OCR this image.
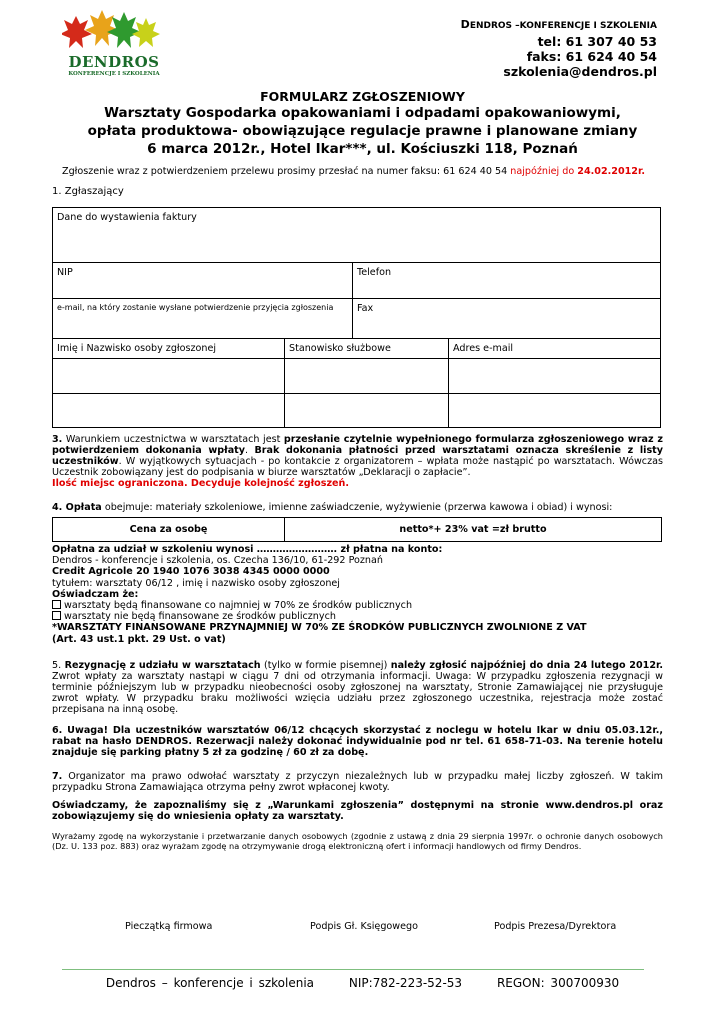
DENDROS
KONFERENCJE I SZKOLENIA
DENDROS –KONFERENCJE I SZKOLENIA
tel: 61 307 40 53
faks: 61 624 40 54
szkolenia@dendros.pl
FORMULARZ ZGŁOSZENIOWY
Warsztaty Gospodarka opakowaniami i odpadami opakowaniowymi,
opłata produktowa- obowiązujące regulacje prawne i planowane zmiany
6 marca 2012r., Hotel Ikar***, ul. Kościuszki 118, Poznań
Zgłoszenie wraz z potwierdzeniem przelewu prosimy przesłać na numer faksu: 61 624 40 54 najpóźniej do 24.02.2012r.
1. Zgłaszający
Dane do wystawienia faktury			
NIP		Telefon	
e-mail, na który zostanie wysłane potwierdzenie przyjęcia zgłoszenia		Fax	
Imię i Nazwisko osoby zgłoszonej	Stanowisko służbowe		Adres e-mail

3. Warunkiem uczestnictwa w warsztatach jest przesłanie czytelnie wypełnionego formularza zgłoszeniowego wraz z potwierdzeniem dokonania wpłaty. Brak dokonania płatności przed warsztatami oznacza skreślenie z listy uczestników. W wyjątkowych sytuacjach - po kontakcie z organizatorem – wpłata może nastąpić po warsztatach. Wówczas Uczestnik zobowiązany jest do podpisania w biurze warsztatów „Deklaracji o zapłacie”.
Ilość miejsc ograniczona. Decyduje kolejność zgłoszeń.
4. Opłata obejmuje: materiały szkoleniowe, imienne zaświadczenie, wyżywienie (przerwa kawowa i obiad) i wynosi:
Cena za osobę	netto*+ 23% vat =zł brutto
Opłatna za udział w szkoleniu wynosi ……………………. zł płatna na konto:
Dendros - konferencje i szkolenia, os. Czecha 136/10, 61-292 Poznań
Credit Agricole 20 1940 1076 3038 4345 0000 0000
tytułem: warsztaty 06/12 , imię i nazwisko osoby zgłoszonej
Oświadczam że:
warsztaty będą finansowane co najmniej w 70% ze środków publicznych
warsztaty nie będą finansowane ze środków publicznych
*WARSZTATY FINANSOWANE PRZYNAJMNIEJ W 70% ZE ŚRODKÓW PUBLICZNYCH ZWOLNIONE Z VAT
(Art. 43 ust.1 pkt. 29 Ust. o vat)
5. Rezygnację z udziału w warsztatach (tylko w formie pisemnej) należy zgłosić najpóźniej do dnia 24 lutego 2012r. Zwrot wpłaty za warsztaty nastąpi w ciągu 7 dni od otrzymania informacji. Uwaga: W przypadku zgłoszenia rezygnacji w terminie późniejszym lub w przypadku nieobecności osoby zgłoszonej na warsztaty, Stronie Zamawiającej nie przysługuje zwrot wpłaty. W przypadku braku możliwości wzięcia udziału przez zgłoszonego uczestnika, rejestracja może zostać przepisana na inną osobę.
6. Uwaga! Dla uczestników warsztatów 06/12 chcących skorzystać z noclegu w hotelu Ikar w dniu 05.03.12r., rabat na hasło DENDROS. Rezerwacji należy dokonać indywidualnie pod nr tel. 61 658-71-03. Na terenie hotelu znajduje się parking płatny 5 zł za godzinę / 60 zł za dobę.
7. Organizator ma prawo odwołać warsztaty z przyczyn niezależnych lub w przypadku małej liczby zgłoszeń. W takim przypadku Strona Zamawiająca otrzyma pełny zwrot wpłaconej kwoty.
Oświadczamy, że zapoznaliśmy się z „Warunkami zgłoszenia” dostępnymi na stronie www.dendros.pl oraz zobowiązujemy się do wniesienia opłaty za warsztaty.
Wyrażamy zgodę na wykorzystanie i przetwarzanie danych osobowych (zgodnie z ustawą z dnia 29 sierpnia 1997r. o ochronie danych osobowych (Dz. U. 133 poz. 883) oraz wyrażam zgodę na otrzymywanie drogą elektroniczną ofert i informacji handlowych od firmy Dendros.
Pieczątką firmowa	Podpis Gł. Księgowego	Podpis Prezesa/Dyrektora
Dendros – konferencje i szkolenia	NIP:782-223-52-53	REGON: 300700930
